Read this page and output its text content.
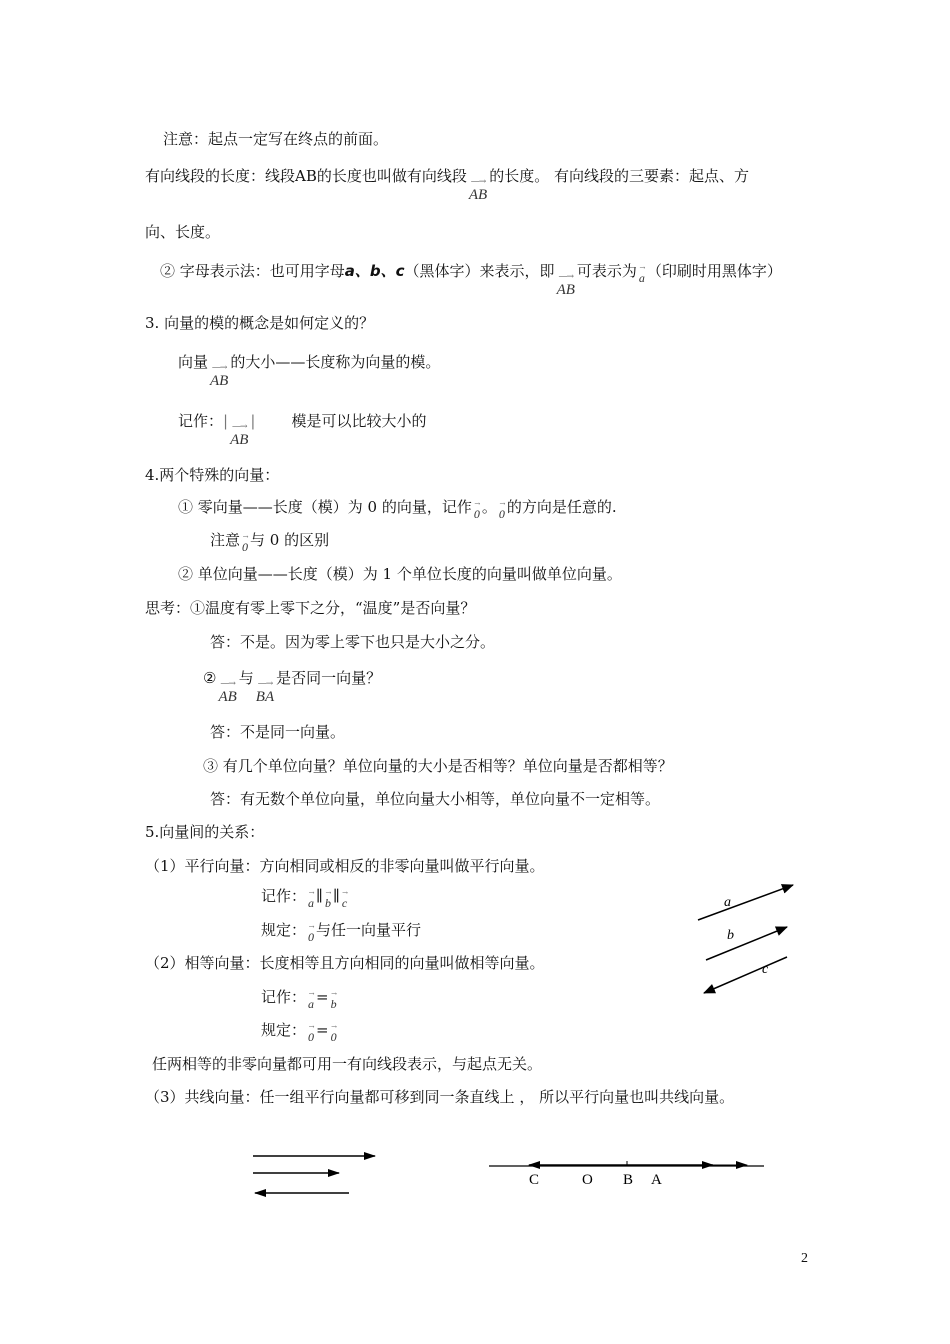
注意：起点一定写在终点的前面。
有向线段的长度：线段AB的长度也叫做有向线段 —→
AB
的长度。 有向线段的三要素：起点、方
向、长度。
② 字母表示法：也可用字母a、b、c（黑体字）来表示，即 —→
AB
可表示为 →
a （印刷时用黑体字）
3. 向量的模的概念是如何定义的？
向量 —→
AB
的大小——长度称为向量的模。
记作：| —→
AB
| 模是可以比较大小的
4.两个特殊的向量：
① 零向量——长度（模）为 0 的向量，记作 →
0 。 →
0 的方向是任意的.
注意 →
0 与 0 的区别
② 单位向量——长度（模）为 1 个单位长度的向量叫做单位向量。
思考：①温度有零上零下之分，“温度”是否向量？
答：不是。因为零上零下也只是大小之分。
② —→
AB
与 —→
BA
是否同一向量？
答：不是同一向量。
③ 有几个单位向量？单位向量的大小是否相等？单位向量是否都相等？
答：有无数个单位向量，单位向量大小相等，单位向量不一定相等。
5.向量间的关系：
（1）平行向量：方向相同或相反的非零向量叫做平行向量。
记作： →
a ∥ →
b ∥ →
c
规定： →
0 与任一向量平行
（2）相等向量：长度相等且方向相同的向量叫做相等向量。
记作： →
a = →
b
规定： →
0 = →
0
任两相等的非零向量都可用一有向线段表示，与起点无关。
（3）共线向量：任一组平行向量都可移到同一条直线上 ， 所以平行向量也叫共线向量。
a
b
c
C	O B A
2
